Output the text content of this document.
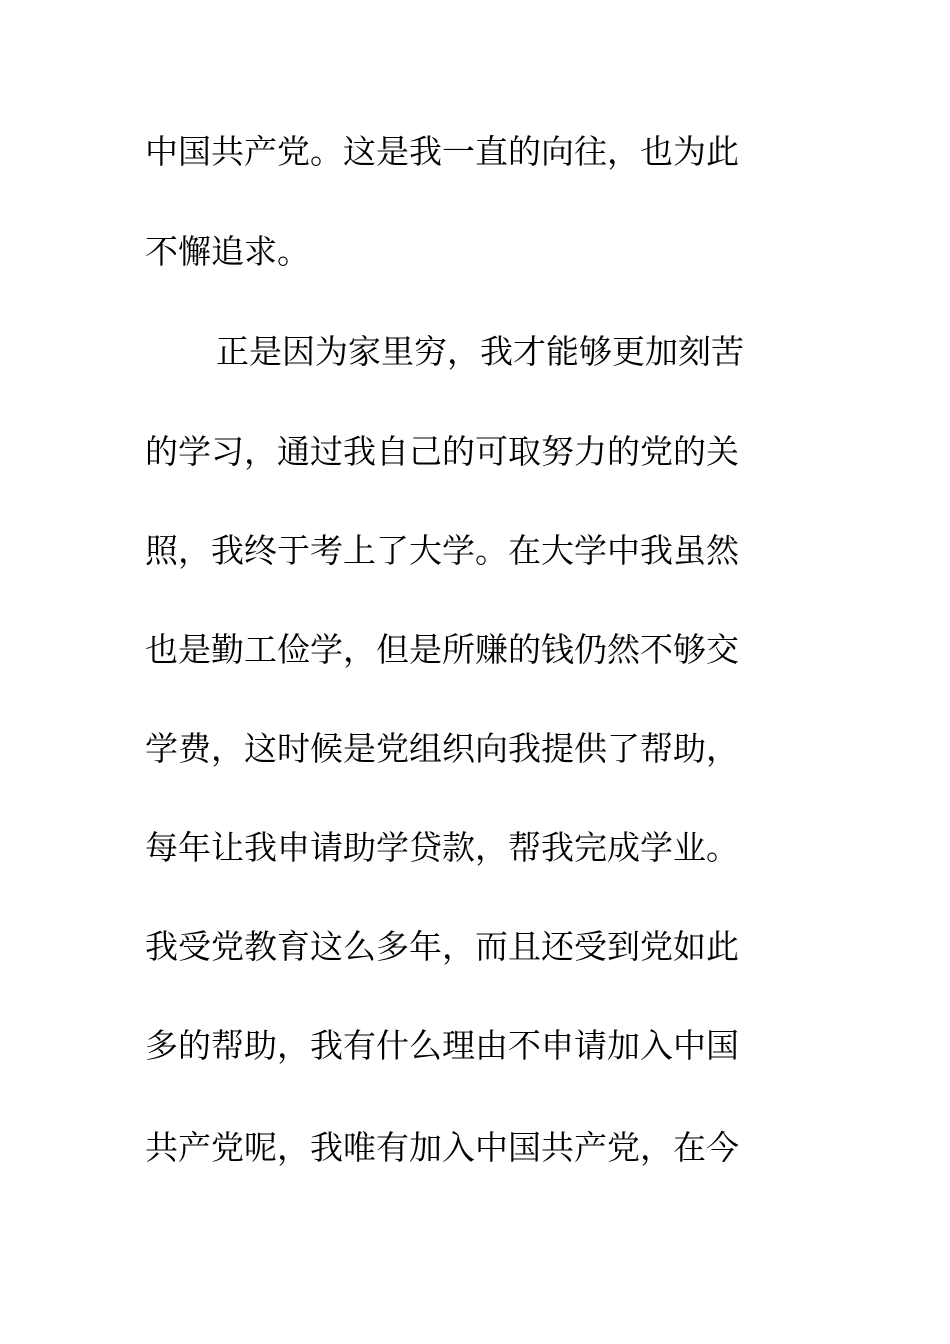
中国共产党。这是我一直的向往，也为此
不懈追求。
正是因为家里穷，我才能够更加刻苦
的学习，通过我自己的可取努力的党的关
照，我终于考上了大学。在大学中我虽然
也是勤工俭学，但是所赚的钱仍然不够交
学费，这时候是党组织向我提供了帮助，
每年让我申请助学贷款，帮我完成学业。
我受党教育这么多年，而且还受到党如此
多的帮助，我有什么理由不申请加入中国
共产党呢，我唯有加入中国共产党，在今
